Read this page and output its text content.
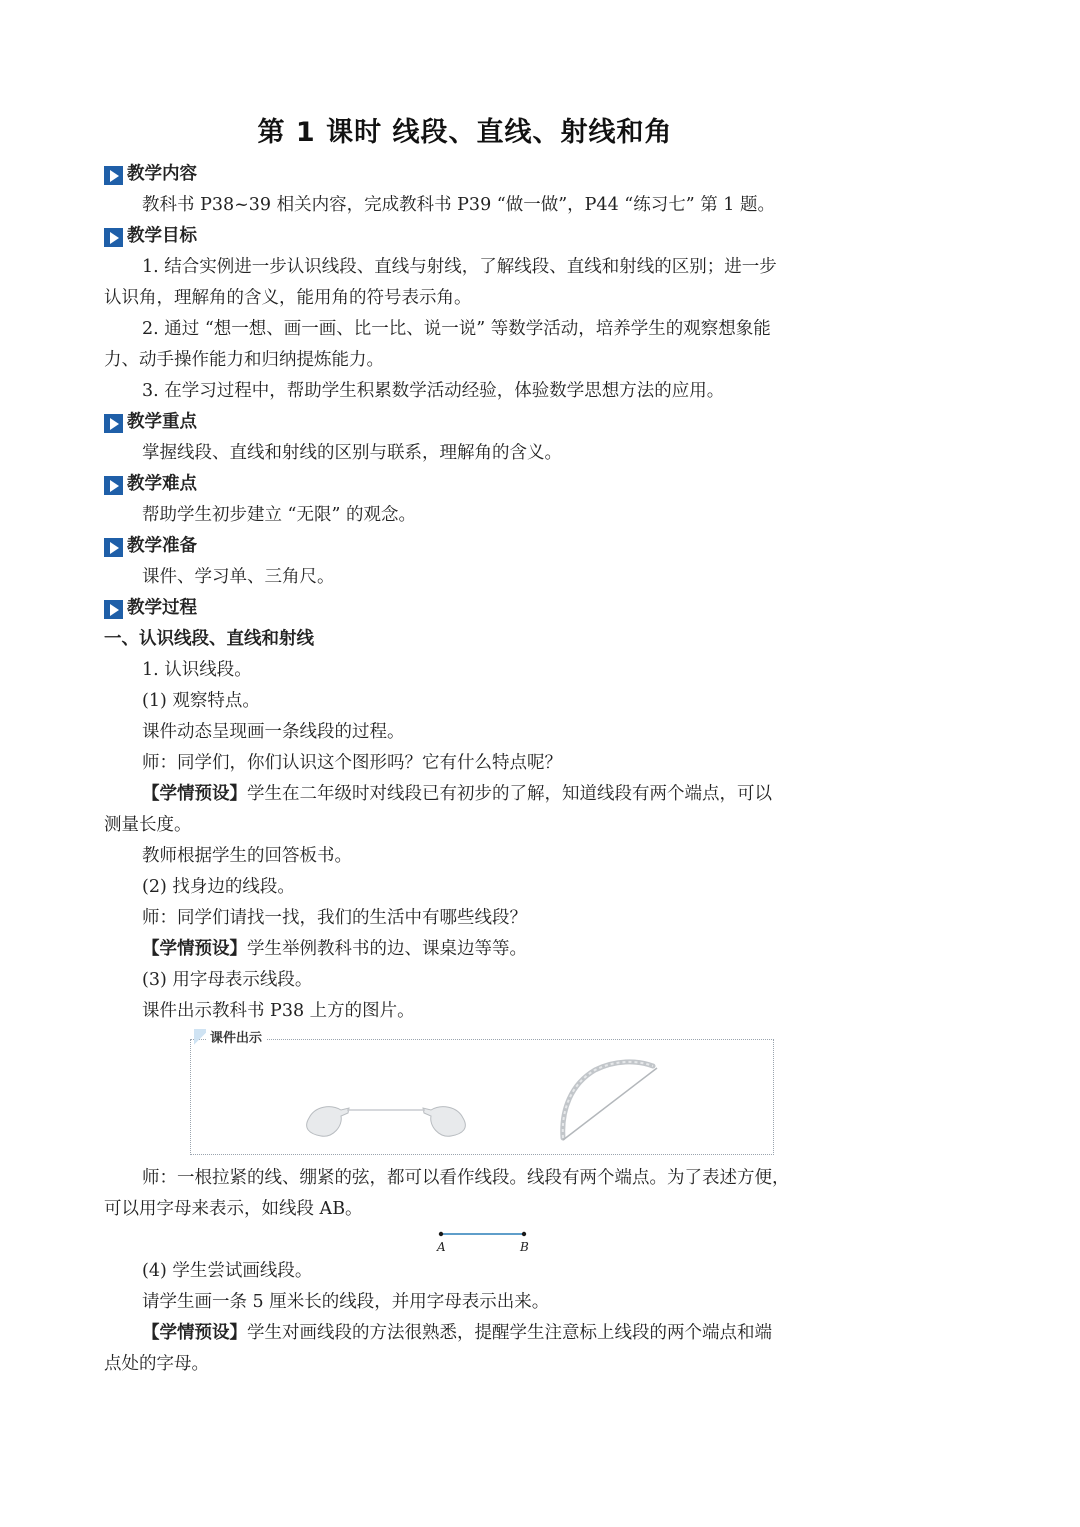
第 1 课时 线段、直线、射线和角
教学内容
教科书 P38~39 相关内容，完成教科书 P39 “做一做”，P44 “练习七” 第 1 题。
教学目标
1. 结合实例进一步认识线段、直线与射线，了解线段、直线和射线的区别；进一步
认识角，理解角的含义，能用角的符号表示角。
2. 通过 “想一想、画一画、比一比、说一说” 等数学活动，培养学生的观察想象能
力、动手操作能力和归纳提炼能力。
3. 在学习过程中，帮助学生积累数学活动经验，体验数学思想方法的应用。
教学重点
掌握线段、直线和射线的区别与联系，理解角的含义。
教学难点
帮助学生初步建立 “无限” 的观念。
教学准备
课件、学习单、三角尺。
教学过程
一、认识线段、直线和射线
1. 认识线段。
(1) 观察特点。
课件动态呈现画一条线段的过程。
师：同学们，你们认识这个图形吗？它有什么特点呢？
【学情预设】学生在二年级时对线段已有初步的了解，知道线段有两个端点，可以
测量长度。
教师根据学生的回答板书。
(2) 找身边的线段。
师：同学们请找一找，我们的生活中有哪些线段？
【学情预设】学生举例教科书的边、课桌边等等。
(3) 用字母表示线段。
课件出示教科书 P38 上方的图片。
课件出示
师：一根拉紧的线、绷紧的弦，都可以看作线段。线段有两个端点。为了表述方便，
可以用字母来表示，如线段 AB。
A	B
(4) 学生尝试画线段。
请学生画一条 5 厘米长的线段，并用字母表示出来。
【学情预设】学生对画线段的方法很熟悉，提醒学生注意标上线段的两个端点和端
点处的字母。
